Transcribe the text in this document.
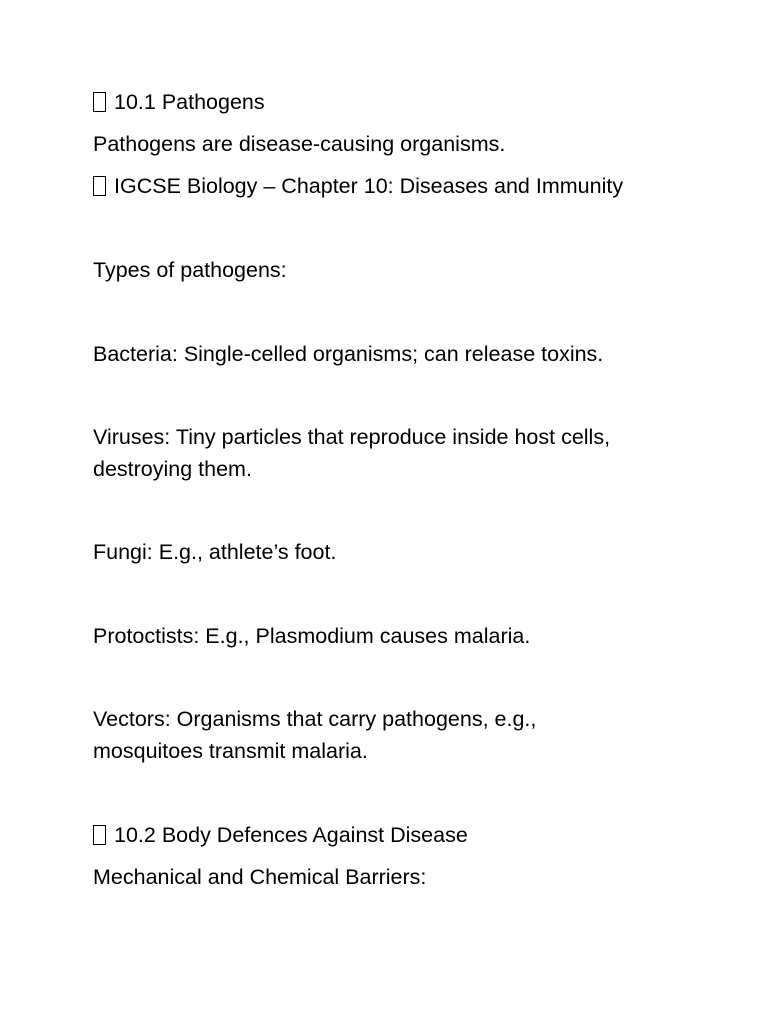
10.1 Pathogens
Pathogens are disease-causing organisms.
IGCSE Biology – Chapter 10: Diseases and Immunity
Types of pathogens:
Bacteria: Single-celled organisms; can release toxins.
Viruses: Tiny particles that reproduce inside host cells,
destroying them.
Fungi: E.g., athlete’s foot.
Protoctists: E.g., Plasmodium causes malaria.
Vectors: Organisms that carry pathogens, e.g.,
mosquitoes transmit malaria.
10.2 Body Defences Against Disease
Mechanical and Chemical Barriers:
